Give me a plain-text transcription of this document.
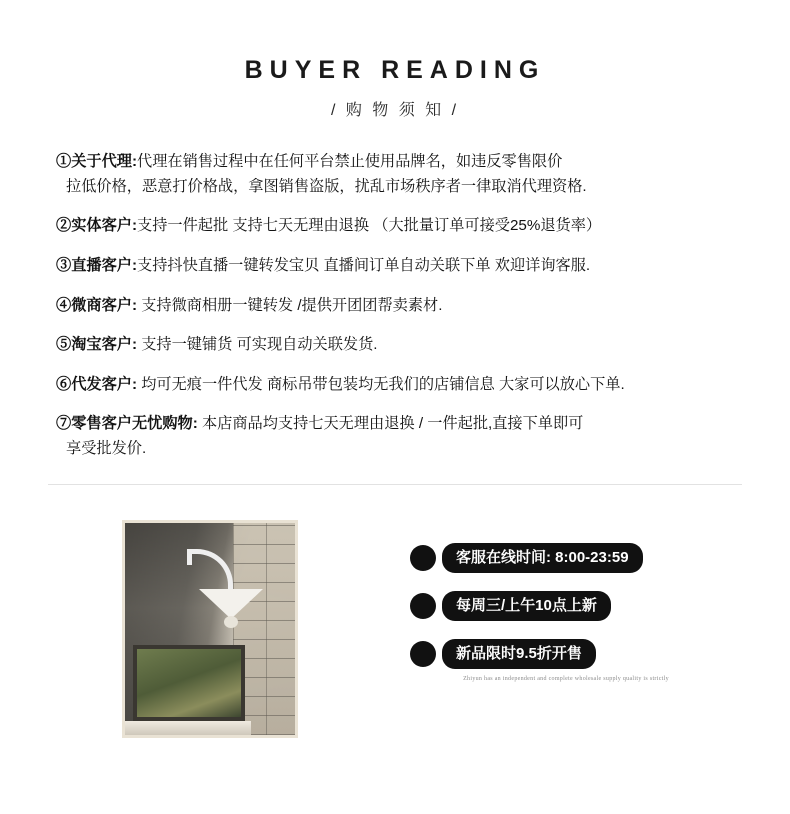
BUYER READING
/ 购 物 须 知 /
①关于代理:代理在销售过程中在任何平台禁止使用品牌名，如违反零售限价
拉低价格，恶意打价格战，拿图销售盗版，扰乱市场秩序者一律取消代理资格.
②实体客户:支持一件起批 支持七天无理由退换 （大批量订单可接受25%退货率）
③直播客户:支持抖快直播一键转发宝贝 直播间订单自动关联下单 欢迎详询客服.
④微商客户: 支持微商相册一键转发 /提供开团团帮卖素材.
⑤淘宝客户: 支持一键铺货 可实现自动关联发货.
⑥代发客户: 均可无痕一件代发 商标吊带包装均无我们的店铺信息 大家可以放心下单.
⑦零售客户无忧购物: 本店商品均支持七天无理由退换 / 一件起批,直接下单即可
享受批发价.
客服在线时间: 8:00-23:59
每周三/上午10点上新
新品限时9.5折开售
Zhiyun has an independent and complete wholesale supply quality is strictly
